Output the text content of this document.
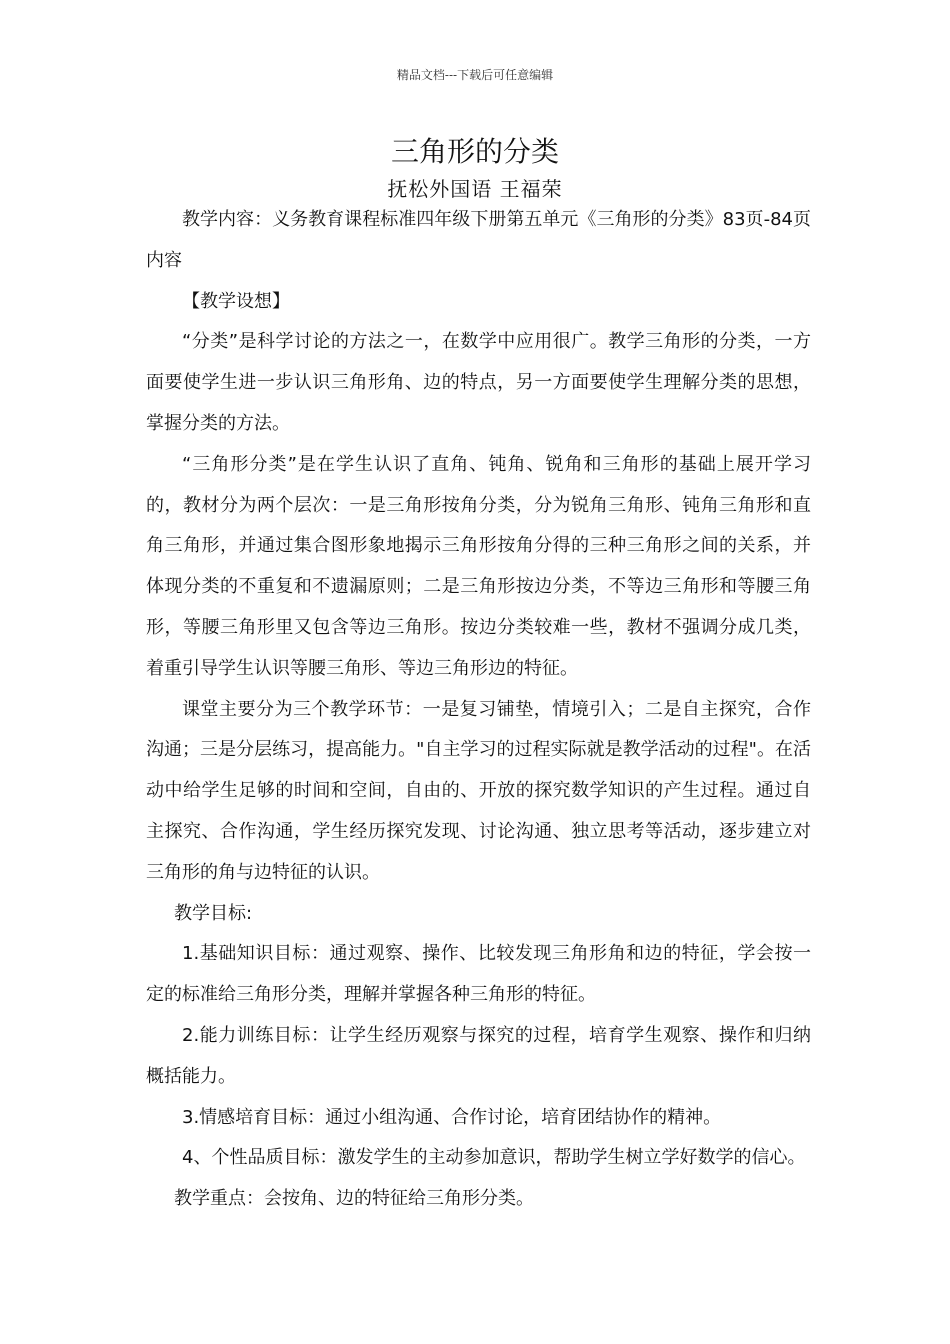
精品文档---下载后可任意编辑
三角形的分类
抚松外国语 王福荣

教学内容：义务教育课程标准四年级下册第五单元《三角形的分类》83页-84页内容

【教学设想】

“分类”是科学讨论的方法之一，在数学中应用很广。教学三角形的分类，一方面要使学生进一步认识三角形角、边的特点，另一方面要使学生理解分类的思想，掌握分类的方法。

“三角形分类”是在学生认识了直角、钝角、锐角和三角形的基础上展开学习的，教材分为两个层次：一是三角形按角分类，分为锐角三角形、钝角三角形和直角三角形，并通过集合图形象地揭示三角形按角分得的三种三角形之间的关系，并体现分类的不重复和不遗漏原则；二是三角形按边分类，不等边三角形和等腰三角形，等腰三角形里又包含等边三角形。按边分类较难一些，教材不强调分成几类，着重引导学生认识等腰三角形、等边三角形边的特征。

课堂主要分为三个教学环节：一是复习铺垫，情境引入；二是自主探究，合作沟通；三是分层练习，提高能力。"自主学习的过程实际就是教学活动的过程"。在活动中给学生足够的时间和空间，自由的、开放的探究数学知识的产生过程。通过自主探究、合作沟通，学生经历探究发现、讨论沟通、独立思考等活动，逐步建立对三角形的角与边特征的认识。

教学目标:

1.基础知识目标：通过观察、操作、比较发现三角形角和边的特征，学会按一定的标准给三角形分类，理解并掌握各种三角形的特征。

2.能力训练目标：让学生经历观察与探究的过程，培育学生观察、操作和归纳概括能力。

3.情感培育目标：通过小组沟通、合作讨论，培育团结协作的精神。

4、个性品质目标：激发学生的主动参加意识，帮助学生树立学好数学的信心。

教学重点：会按角、边的特征给三角形分类。
